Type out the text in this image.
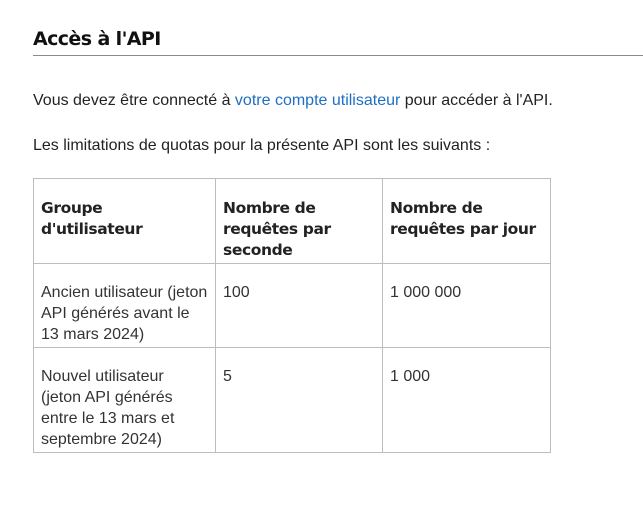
Accès à l'API

Vous devez être connecté à votre compte utilisateur pour accéder à l'API.

Les limitations de quotas pour la présente API sont les suivants :

Groupe d'utilisateur	Nombre de requêtes par seconde	Nombre de requêtes par jour
Ancien utilisateur (jeton API générés avant le 13 mars 2024)	100	1 000 000
Nouvel utilisateur (jeton API générés entre le 13 mars et septembre 2024)	5	1 000
